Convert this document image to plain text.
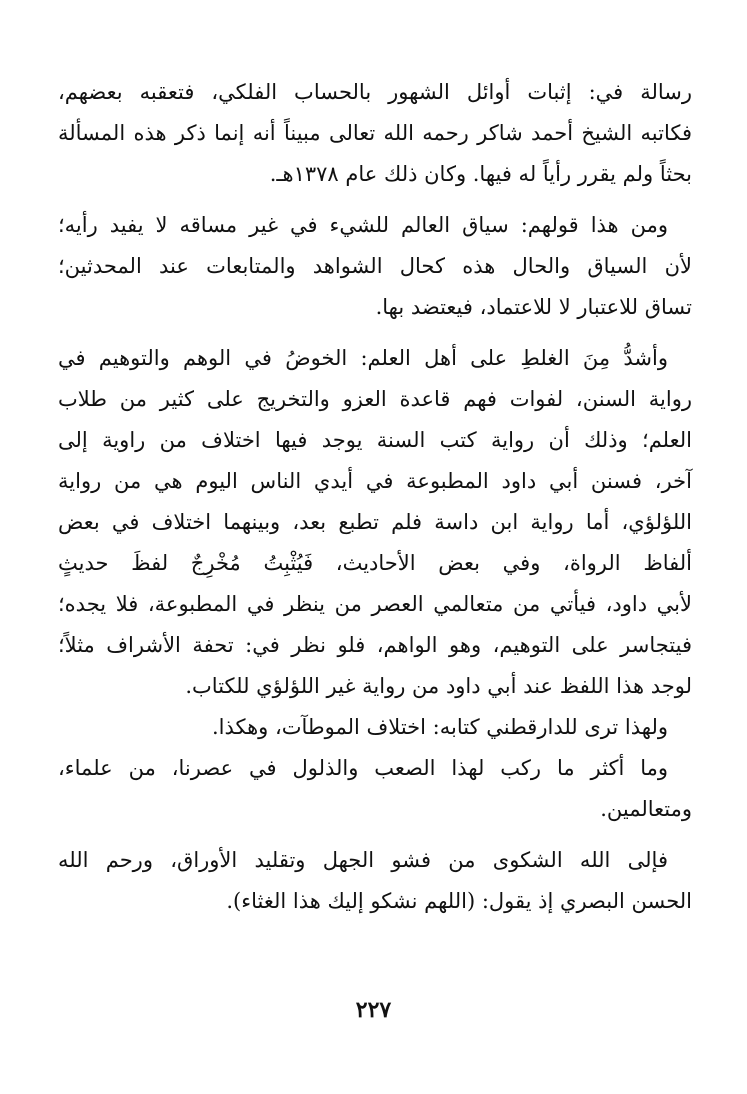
رسالة في: إثبات أوائل الشهور بالحساب الفلكي، فتعقبه بعضهم،
فكاتبه الشيخ أحمد شاكر رحمه الله تعالى مبيناً أنه إنما ذكر هذه المسألة
بحثاً ولم يقرر رأياً له فيها. وكان ذلك عام ١٣٧٨هـ.

ومن هذا قولهم: سياق العالم للشيء في غير مساقه لا يفيد رأيه؛
لأن السياق والحال هذه كحال الشواهد والمتابعات عند المحدثين؛
تساق للاعتبار لا للاعتماد، فيعتضد بها.

وأشدُّ مِنَ الغلطِ على أهل العلم: الخوضُ في الوهم والتوهيم في
رواية السنن، لفوات فهم قاعدة العزو والتخريج على كثير من طلاب
العلم؛ وذلك أن رواية كتب السنة يوجد فيها اختلاف من راوية إلى
آخر، فسنن أبي داود المطبوعة في أيدي الناس اليوم هي من رواية
اللؤلؤي، أما رواية ابن داسة فلم تطبع بعد، وبينهما اختلاف في بعض
ألفاظ الرواة، وفي بعض الأحاديث، فَيُثْبِتُ مُخْرِجٌ لفظَ حديثٍ
لأبي داود، فيأتي من متعالمي العصر من ينظر في المطبوعة، فلا يجده؛
فيتجاسر على التوهيم، وهو الواهم، فلو نظر في: تحفة الأشراف مثلاً؛
لوجد هذا اللفظ عند أبي داود من رواية غير اللؤلؤي للكتاب.

ولهذا ترى للدارقطني كتابه: اختلاف الموطآت، وهكذا.

وما أكثر ما ركب لهذا الصعب والذلول في عصرنا، من علماء،
ومتعالمين.

فإلى الله الشكوى من فشو الجهل وتقليد الأوراق، ورحم الله
الحسن البصري إذ يقول: (اللهم نشكو إليك هذا الغثاء).

٢٢٧
